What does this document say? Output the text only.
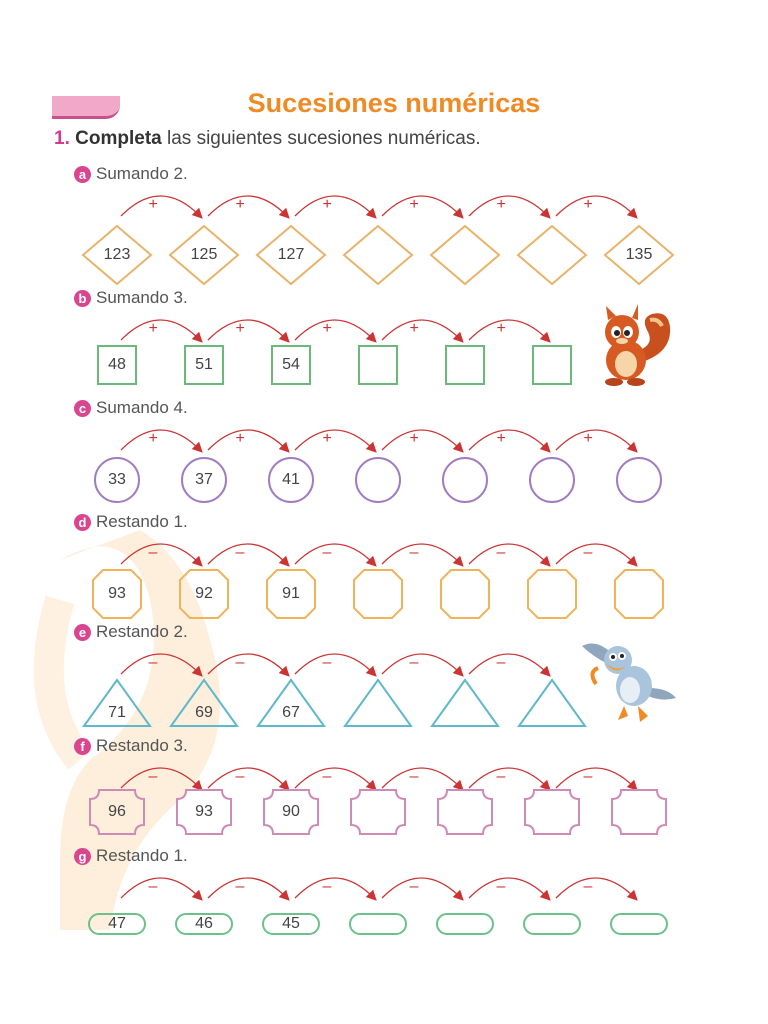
Sucesiones numéricas
1. Completa las siguientes sucesiones numéricas.
a Sumando 2.
+	+	+	+	+	+
123	125	127	135
b Sumando 3.
+	+	+	+	+
48	51	54
c Sumando 4.
+	+	+	+	+	+
33	37	41
d Restando 1.
–	–	–	–	–	–
93	92	91
e Restando 2.
–	–	–	–	–
71	69	67
f Restando 3.
–	–	–	–	–	–
96	93	90
g Restando 1.
–	–	–	–	–	–
47	46	45
